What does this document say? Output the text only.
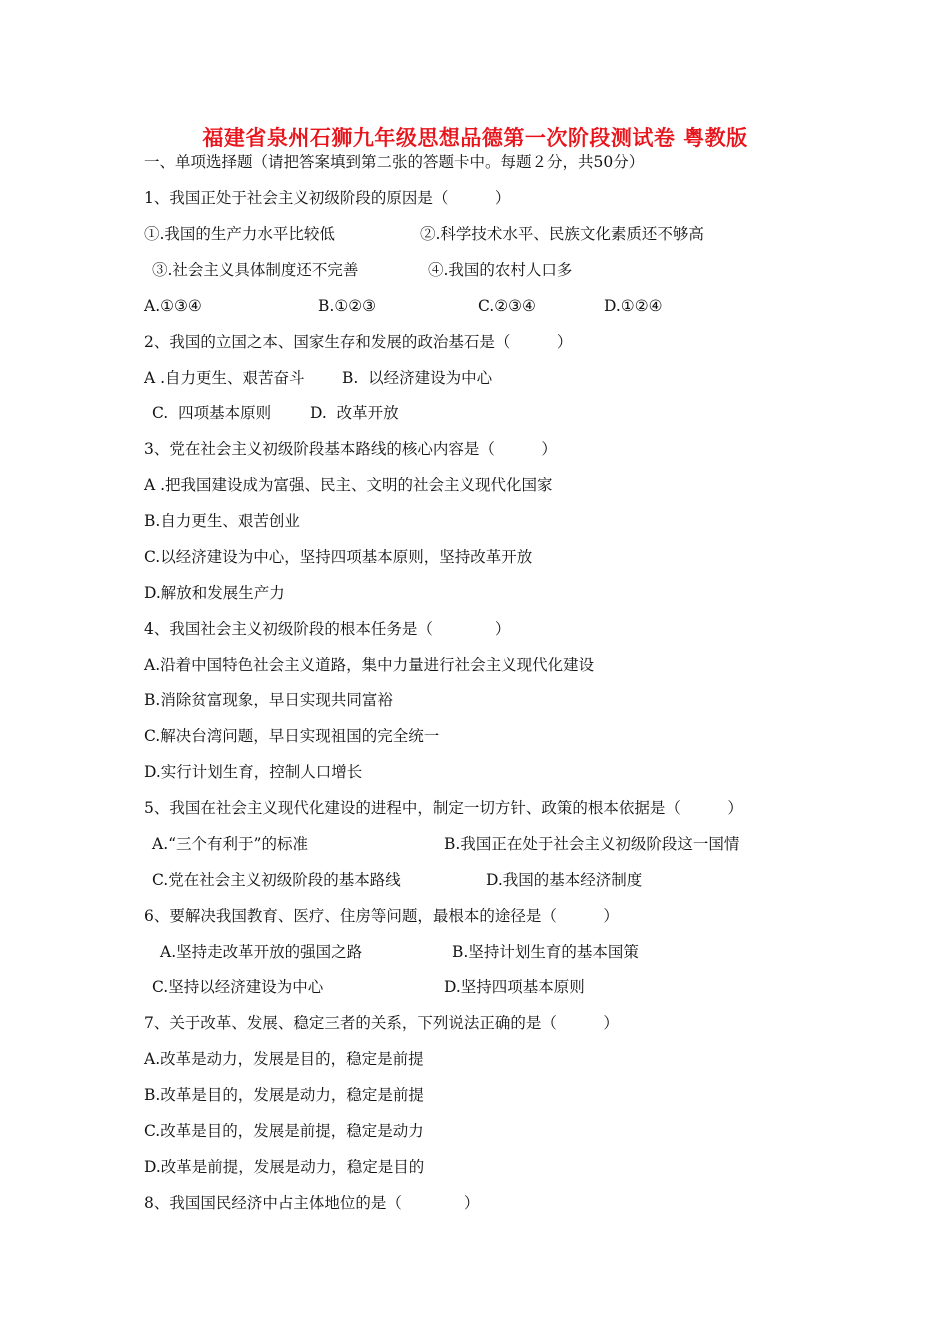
福建省泉州石狮九年级思想品德第一次阶段测试卷 粤教版
一、单项选择题（请把答案填到第二张的答题卡中。每题２分，共50分）
1、我国正处于社会主义初级阶段的原因是（　　　）
①.我国的生产力水平比较低	②.科学技术水平、民族文化素质还不够高
③.社会主义具体制度还不完善	④.我国的农村人口多
A.①③④	B.①②③	C.②③④	D.①②④
2、我国的立国之本、国家生存和发展的政治基石是（　　　）
A .自力更生、艰苦奋斗 B.  以经济建设为中心
C.  四项基本原则	D.  改革开放
3、党在社会主义初级阶段基本路线的核心内容是（　　　）
A .把我国建设成为富强、民主、文明的社会主义现代化国家
B.自力更生、艰苦创业
C.以经济建设为中心，坚持四项基本原则，坚持改革开放
D.解放和发展生产力
4、我国社会主义初级阶段的根本任务是（　　　　）
A.沿着中国特色社会主义道路，集中力量进行社会主义现代化建设
B.消除贫富现象，早日实现共同富裕
C.解决台湾问题，早日实现祖国的完全统一
D.实行计划生育，控制人口增长
5、我国在社会主义现代化建设的进程中，制定一切方针、政策的根本依据是（　　　）
A.“三个有利于”的标准	B.我国正在处于社会主义初级阶段这一国情
C.党在社会主义初级阶段的基本路线	D.我国的基本经济制度
6、要解决我国教育、医疗、住房等问题，最根本的途径是（　　　）
A.坚持走改革开放的强国之路	B.坚持计划生育的基本国策
C.坚持以经济建设为中心	D.坚持四项基本原则
7、关于改革、发展、稳定三者的关系，下列说法正确的是（　　　）
A.改革是动力，发展是目的，稳定是前提
B.改革是目的，发展是动力，稳定是前提
C.改革是目的，发展是前提，稳定是动力
D.改革是前提，发展是动力，稳定是目的
8、我国国民经济中占主体地位的是（　　　　）
